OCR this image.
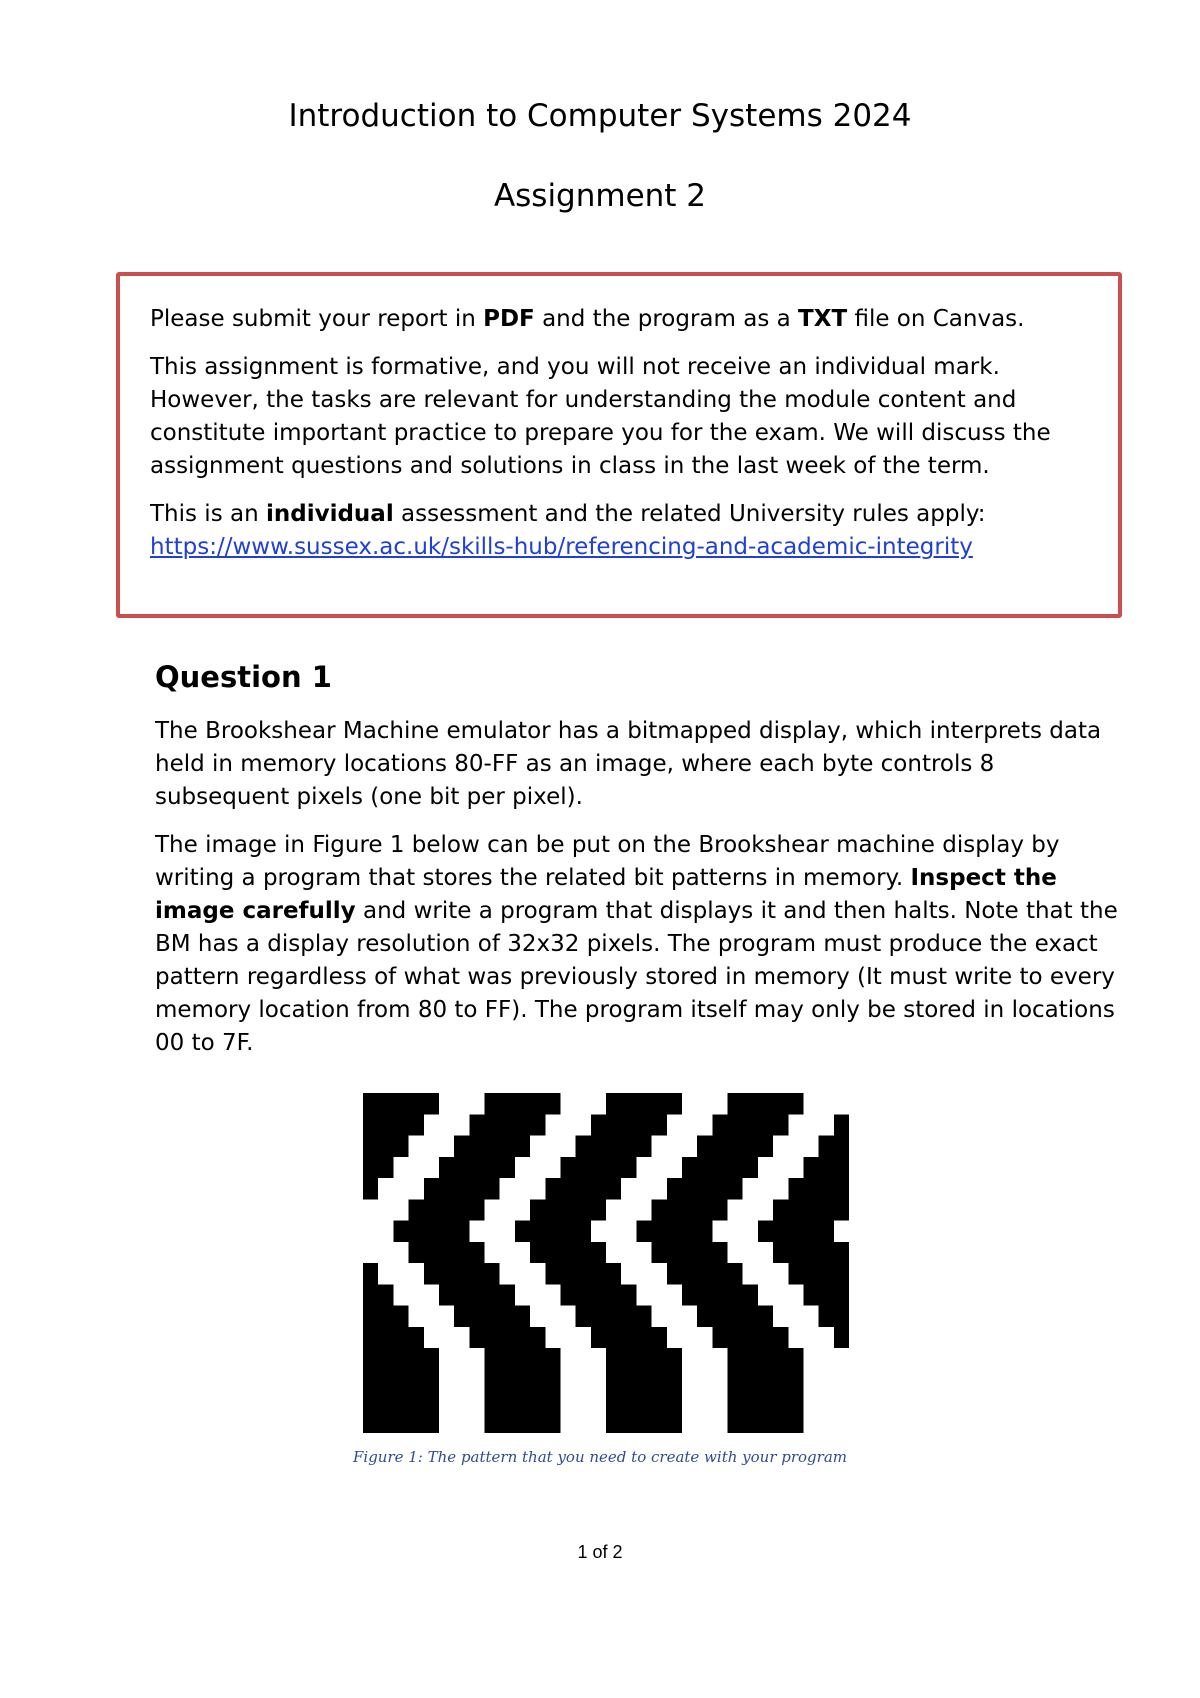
Introduction to Computer Systems 2024
Assignment 2

Please submit your report in PDF and the program as a TXT file on Canvas.

This assignment is formative, and you will not receive an individual mark. However, the tasks are relevant for understanding the module content and constitute important practice to prepare you for the exam. We will discuss the assignment questions and solutions in class in the last week of the term.

This is an individual assessment and the related University rules apply:
https://www.sussex.ac.uk/skills-hub/referencing-and-academic-integrity

Question 1

The Brookshear Machine emulator has a bitmapped display, which interprets data held in memory locations 80-FF as an image, where each byte controls 8 subsequent pixels (one bit per pixel).

The image in Figure 1 below can be put on the Brookshear machine display by writing a program that stores the related bit patterns in memory. Inspect the image carefully and write a program that displays it and then halts. Note that the BM has a display resolution of 32x32 pixels. The program must produce the exact pattern regardless of what was previously stored in memory (It must write to every memory location from 80 to FF). The program itself may only be stored in locations 00 to 7F.

Figure 1: The pattern that you need to create with your program
1 of 2
